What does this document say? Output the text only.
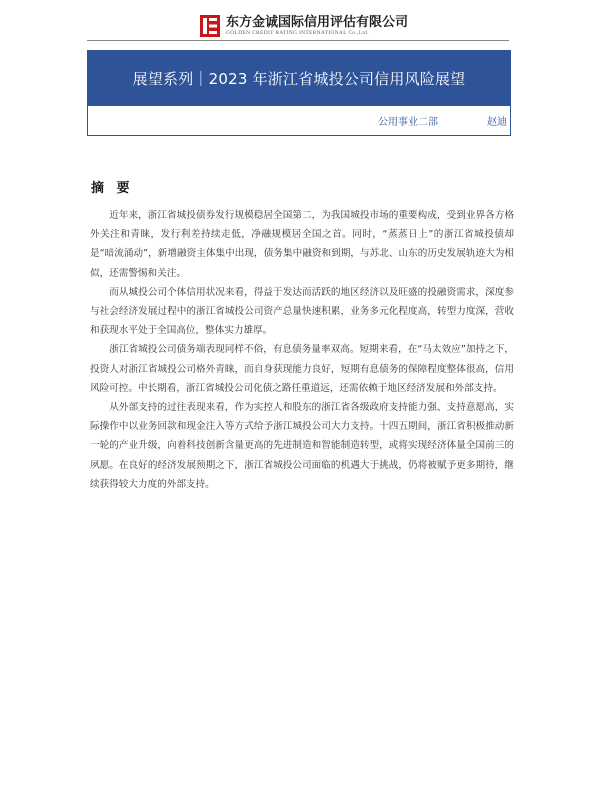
东方金诚国际信用评估有限公司
GOLDEN CREDIT RATING INTERNATIONAL Co.,Ltd.
展望系列｜2023 年浙江省城投公司信用风险展望
公用事业二部	赵迪
摘 要

近年来，浙江省城投债券发行规模稳居全国第二，为我国城投市场的重要构成，受到业界各方格外关注和青睐，发行利差持续走低，净融规模居全国之首。同时，“蒸蒸日上”的浙江省城投债却是“暗流涌动”，新增融资主体集中出现，债务集中融资和到期，与苏北、山东的历史发展轨迹大为相似，还需警惕和关注。

而从城投公司个体信用状况来看，得益于发达而活跃的地区经济以及旺盛的投融资需求，深度参与社会经济发展过程中的浙江省城投公司资产总量快速积累，业务多元化程度高，转型力度深，营收和获现水平处于全国高位，整体实力雄厚。

浙江省城投公司债务端表现同样不俗，有息债务量率双高。短期来看，在“马太效应”加持之下，投资人对浙江省城投公司格外青睐，而自身获现能力良好，短期有息债务的保障程度整体很高，信用风险可控。中长期看，浙江省城投公司化债之路任重道远，还需依赖于地区经济发展和外部支持。

从外部支持的过往表现来看，作为实控人和股东的浙江省各级政府支持能力强、支持意愿高，实际操作中以业务回款和现金注入等方式给予浙江城投公司大力支持。十四五期间，浙江省积极推动新一轮的产业升级，向着科技创新含量更高的先进制造和智能制造转型，或将实现经济体量全国前三的夙愿。在良好的经济发展预期之下，浙江省城投公司面临的机遇大于挑战，仍将被赋予更多期待，继续获得较大力度的外部支持。
